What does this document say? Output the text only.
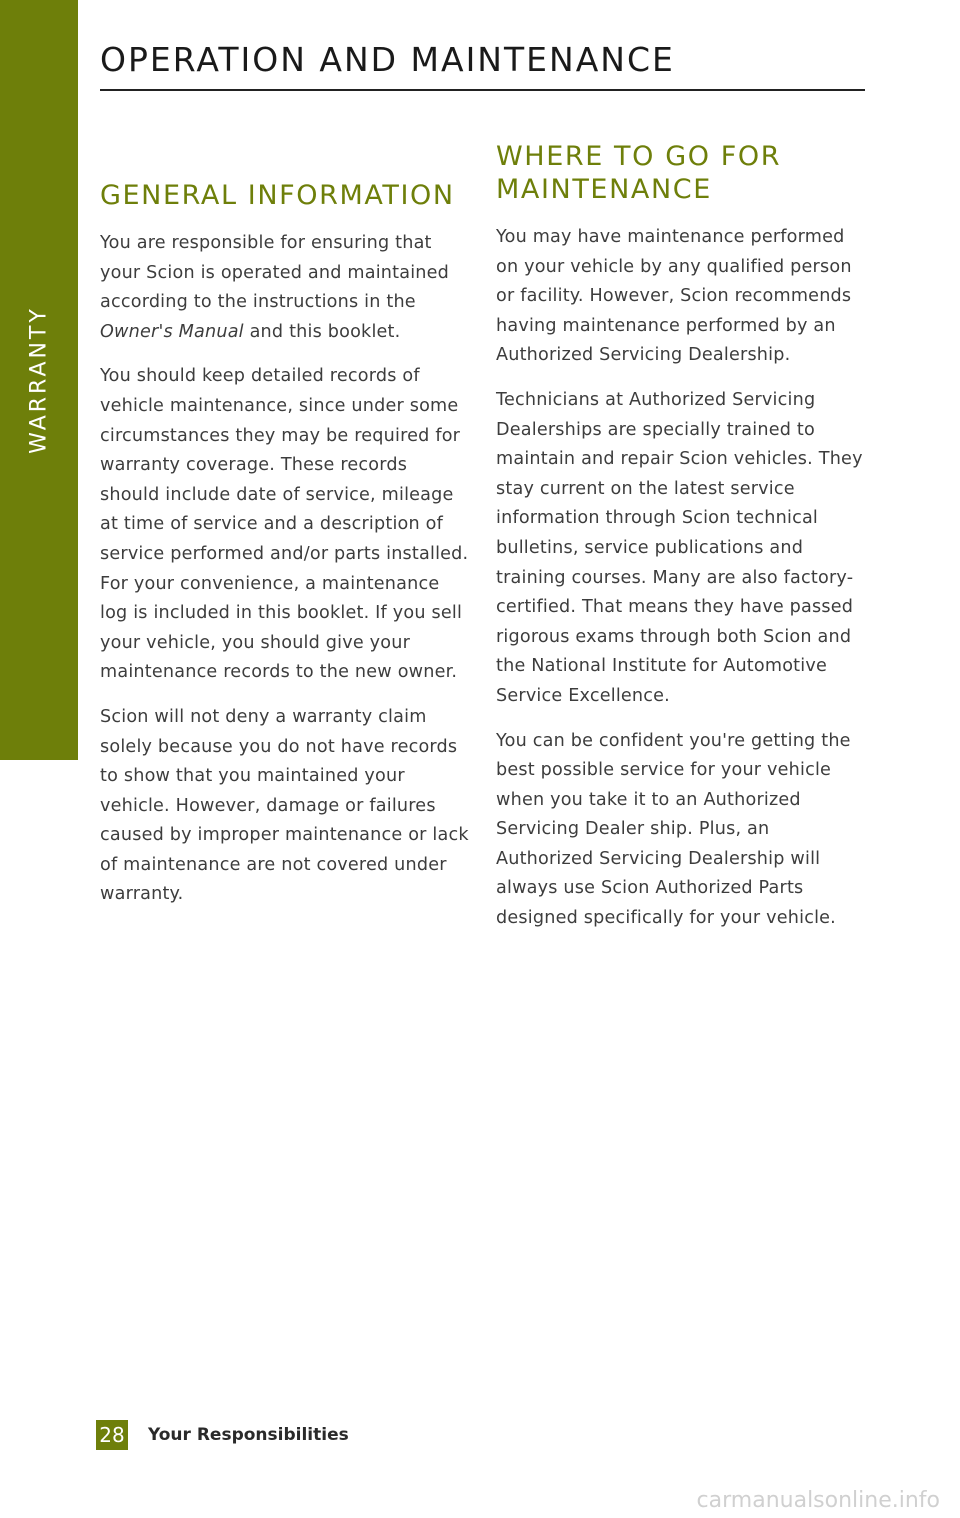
WARRANTY
OPERATION AND MAINTENANCE
GENERAL INFORMATION

You are responsible for ensuring that your Scion is operated and maintained according to the instructions in the Owner's Manual and this booklet.

You should keep detailed records of vehicle maintenance, since under some circumstances they may be required for warranty coverage. These records should include date of service, mileage at time of service and a description of service performed and/or parts installed. For your convenience, a maintenance log is included in this booklet. If you sell your vehicle, you should give your maintenance records to the new owner.

Scion will not deny a warranty claim solely because you do not have records to show that you maintained your vehicle. However, damage or failures caused by improper maintenance or lack of maintenance are not covered under warranty.

WHERE TO GO FOR MAINTENANCE

You may have maintenance performed on your vehicle by any qualified person or facility. However, Scion recommends having maintenance performed by an Authorized Servicing Dealership.

Technicians at Authorized Servicing Dealerships are specially trained to maintain and repair Scion vehicles. They stay current on the latest service information through Scion technical bulletins, service publications and training courses. Many are also factory-certified. That means they have passed rigorous exams through both Scion and the National Institute for Automotive Service Excellence.

You can be confident you're getting the best possible service for your vehicle when you take it to an Authorized Servicing Dealer ship. Plus, an Authorized Servicing Dealership will always use Scion Authorized Parts designed specifically for your vehicle.

28 Your Responsibilities
carmanualsonline.info
